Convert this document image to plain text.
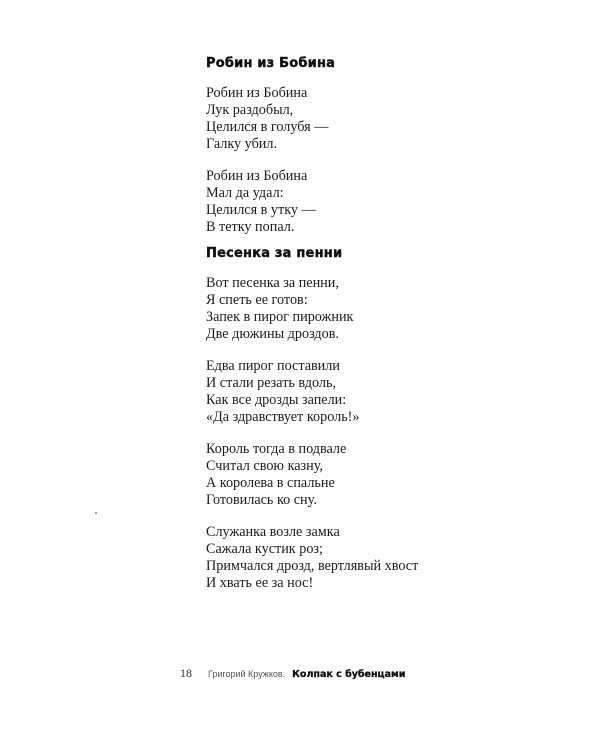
Робин из Бобина
Робин из Бобина
Лук раздобыл,
Целился в голубя —
Галку убил.
Робин из Бобина
Мал да удал:
Целился в утку —
В тетку попал.
Песенка за пенни
Вот песенка за пенни,
Я спеть ее готов:
Запек в пирог пирожник
Две дюжины дроздов.
Едва пирог поставили
И стали резать вдоль,
Как все дрозды запели:
«Да здравствует король!»
Король тогда в подвале
Считал свою казну,
А королева в спальне
Готовилась ко сну.
Служанка возле замка
Сажала кустик роз;
Примчался дрозд, вертлявый хвост
И хвать ее за нос!
18 Григорий Кружков. Колпак с бубенцами
